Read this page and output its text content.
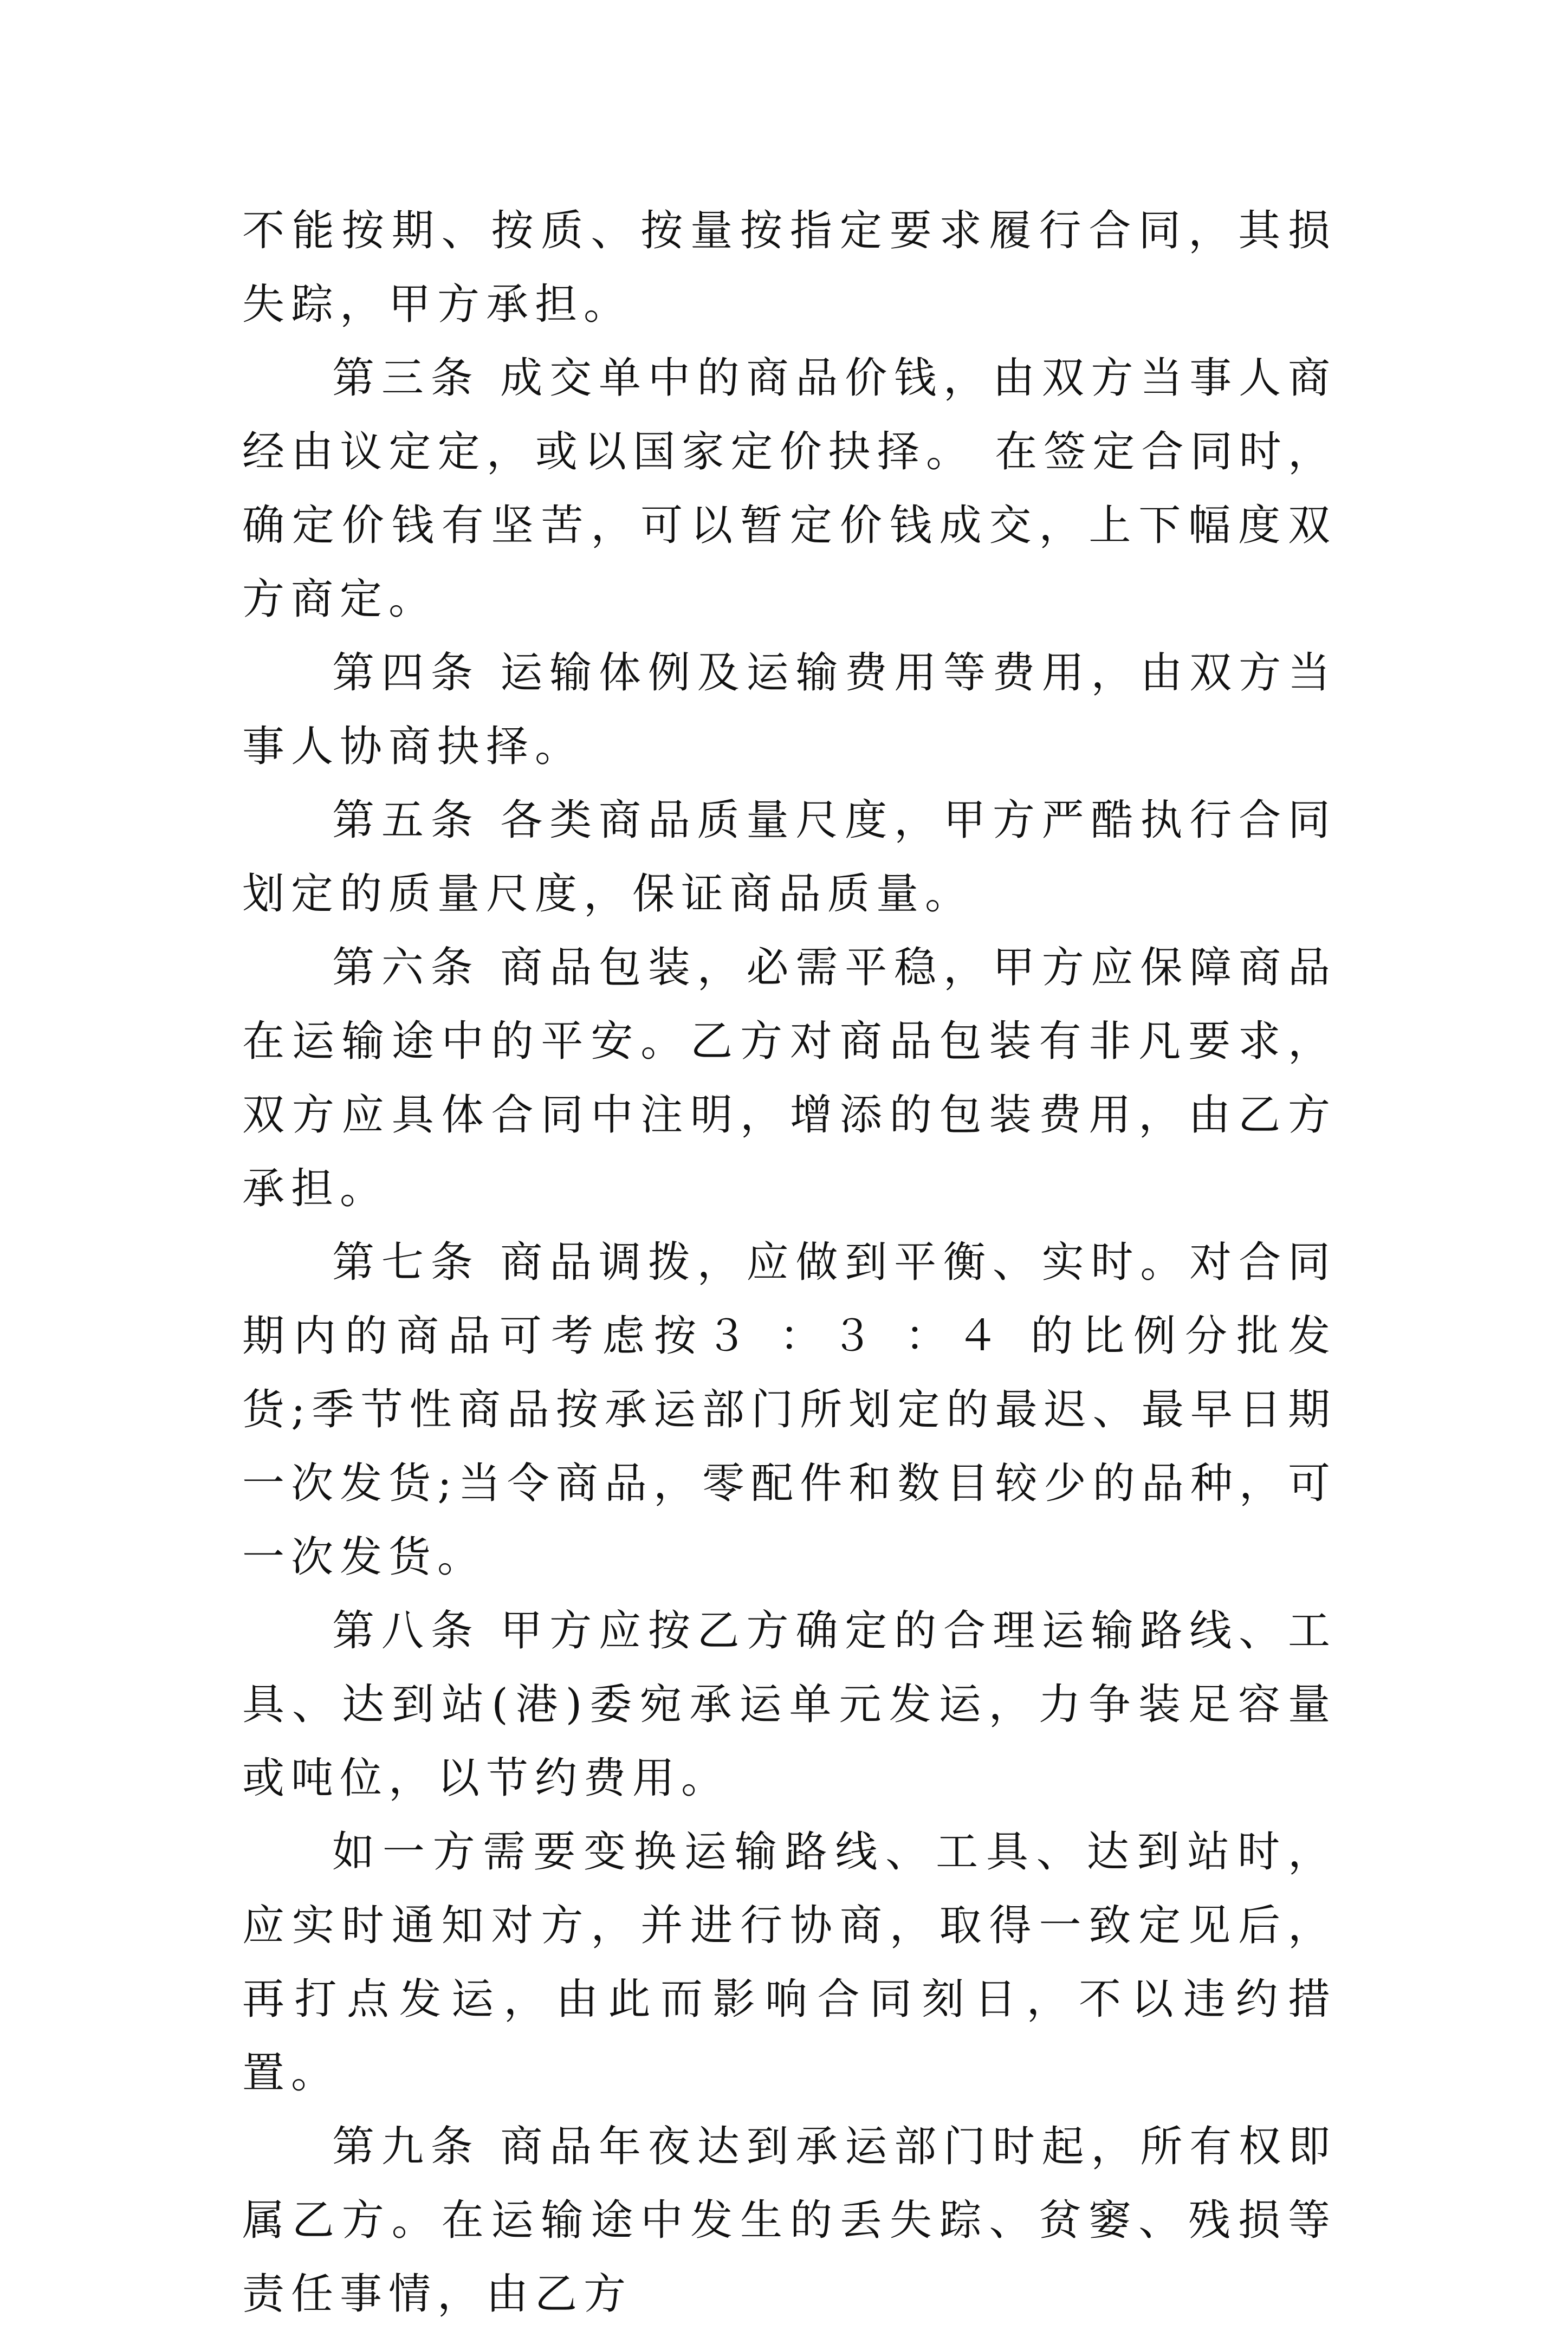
不能按期、按质、按量按指定要求履行合同，其损失踪，甲方承担。

第三条 成交单中的商品价钱，由双方当事人商经由议定定，或以国家定价抉择。 在签定合同时，确定价钱有坚苦，可以暂定价钱成交，上下幅度双方商定。

第四条 运输体例及运输费用等费用，由双方当事人协商抉择。

第五条 各类商品质量尺度，甲方严酷执行合同划定的质量尺度，保证商品质量。

第六条 商品包装，必需平稳，甲方应保障商品在运输途中的平安。乙方对商品包装有非凡要求，双方应具体合同中注明，增添的包装费用，由乙方承担。

第七条 商品调拨，应做到平衡、实时。对合同期内的商品可考虑按３ ：３ ：４ 的比例分批发货;季节性商品按承运部门所划定的最迟、最早日期一次发货;当令商品，零配件和数目较少的品种，可一次发货。

第八条 甲方应按乙方确定的合理运输路线、工具、达到站(港)委宛承运单元发运，力争装足容量或吨位，以节约费用。

如一方需要变换运输路线、工具、达到站时，应实时通知对方，并进行协商，取得一致定见后，再打点发运，由此而影响合同刻日，不以违约措置。

第九条 商品年夜达到承运部门时起，所有权即属乙方。在运输途中发生的丢失踪、贫窭、残损等责任事情，由乙方
